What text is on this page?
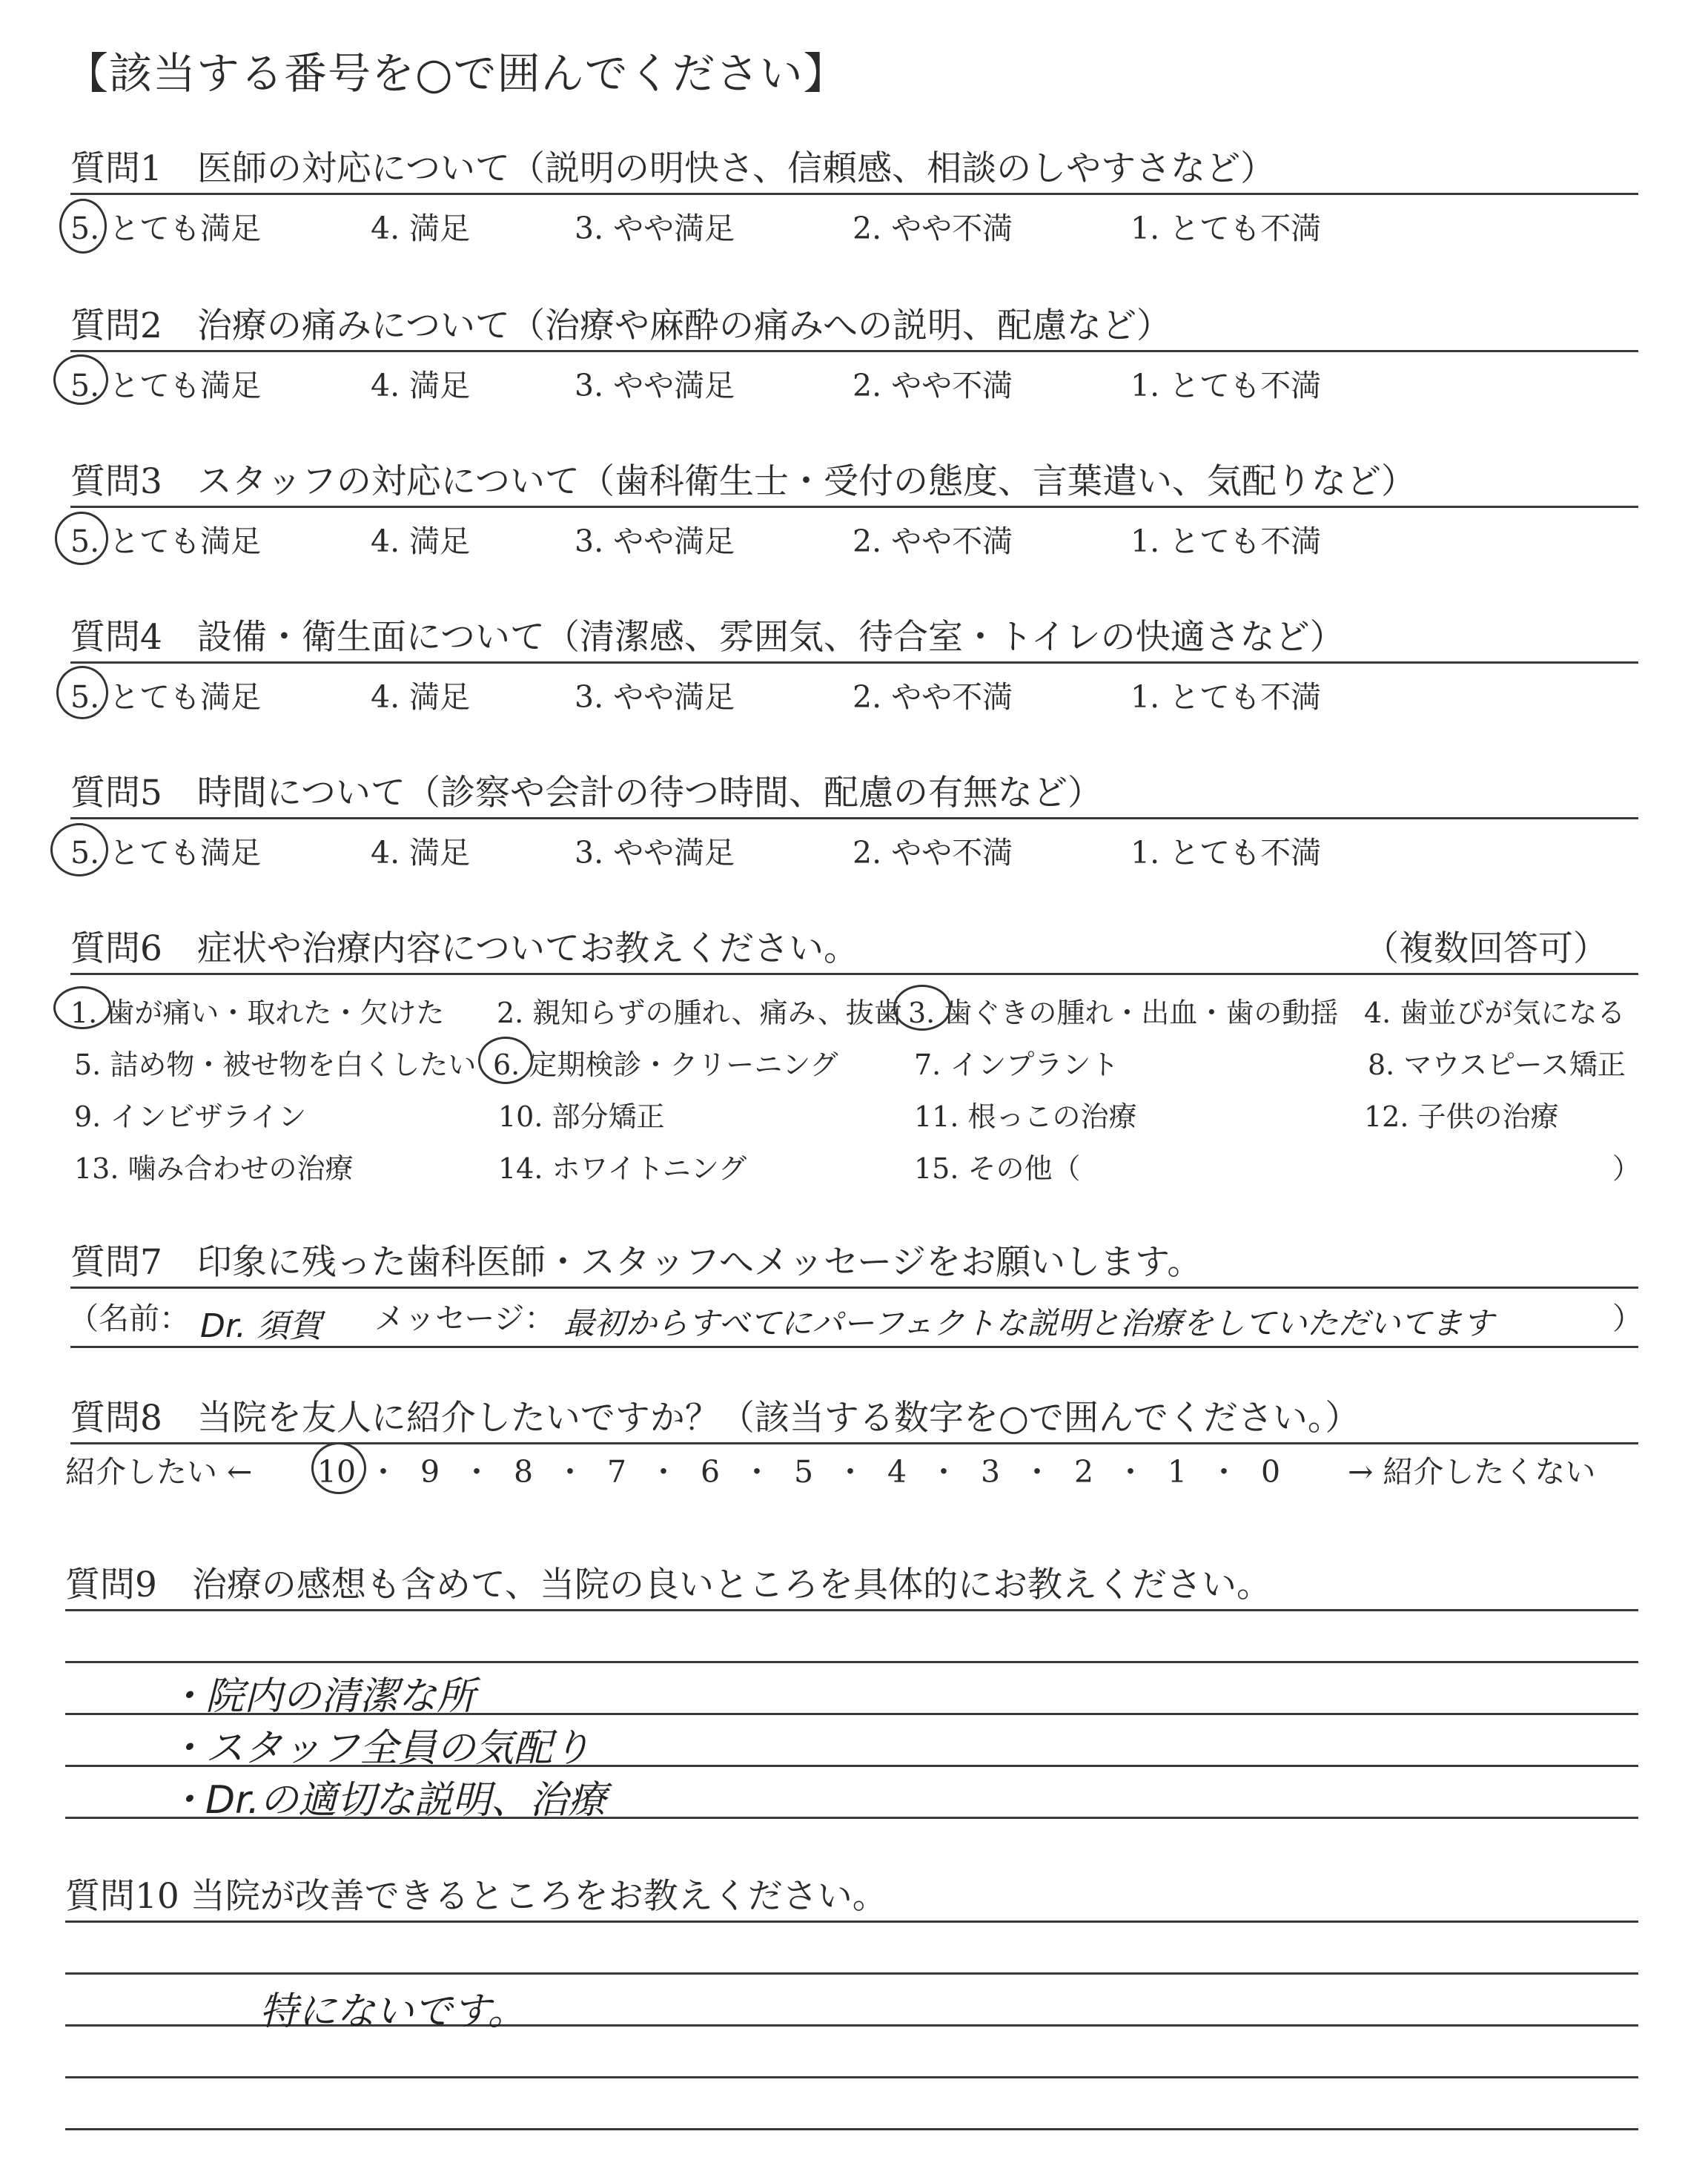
【該当する番号を○で囲んでください】
質問1　医師の対応について（説明の明快さ、信頼感、相談のしやすさなど）
5. とても満足	4. 満足	3. やや満足	2. やや不満	1. とても不満
質問2　治療の痛みについて（治療や麻酔の痛みへの説明、配慮など）
5. とても満足	4. 満足	3. やや満足	2. やや不満	1. とても不満
質問3　スタッフの対応について（歯科衛生士・受付の態度、言葉遣い、気配りなど）
5. とても満足	4. 満足	3. やや満足	2. やや不満	1. とても不満
質問4　設備・衛生面について（清潔感、雰囲気、待合室・トイレの快適さなど）
5. とても満足	4. 満足	3. やや満足	2. やや不満	1. とても不満
質問5　時間について（診察や会計の待つ時間、配慮の有無など）
5. とても満足	4. 満足	3. やや満足	2. やや不満	1. とても不満
質問6　症状や治療内容についてお教えください。	（複数回答可）
1. 歯が痛い・取れた・欠けた 2. 親知らずの腫れ、痛み、抜歯 3. 歯ぐきの腫れ・出血・歯の動揺 4. 歯並びが気になる
5. 詰め物・被せ物を白くしたい 6. 定期検診・クリーニング	7. インプラント	8. マウスピース矯正
9. インビザライン	10. 部分矯正	11. 根っこの治療	12. 子供の治療
13. 噛み合わせの治療	14. ホワイトニング	15. その他（	）
質問7　印象に残った歯科医師・スタッフへメッセージをお願いします。
（名前： Dr. 須賀 メッセージ： 最初からすべてにパーフェクトな説明と治療をしていただいてます	）
質問8　当院を友人に紹介したいですか？（該当する数字を○で囲んでください。）
紹介したい ← 10 ・ 9 ・ 8 ・ 7 ・ 6 ・ 5 ・ 4 ・ 3 ・ 2 ・ 1 ・ 0	→ 紹介したくない
質問9　治療の感想も含めて、当院の良いところを具体的にお教えください。
・院内の清潔な所
・スタッフ全員の気配り
・Dr.の適切な説明、治療
質問10 当院が改善できるところをお教えください。
特にないです。
